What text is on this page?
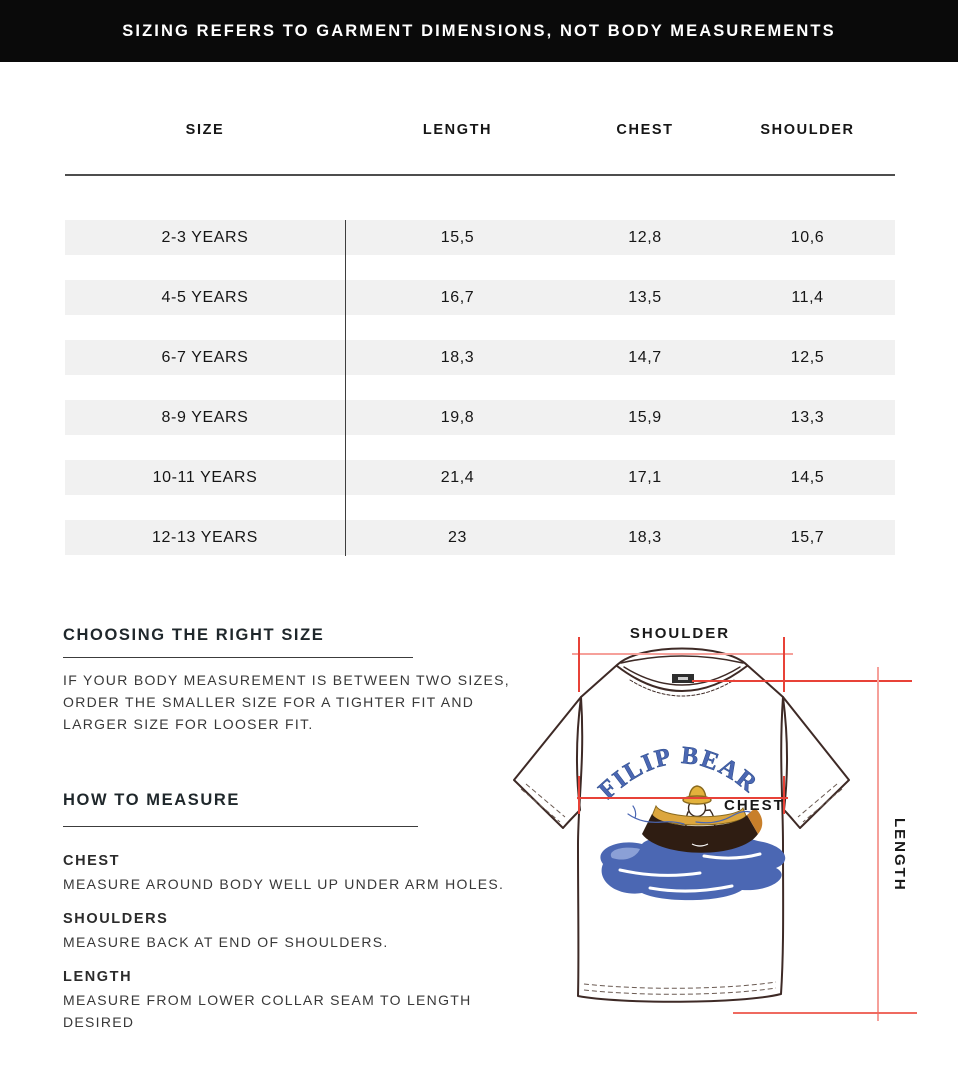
SIZING REFERS TO GARMENT DIMENSIONS, NOT BODY MEASUREMENTS
SIZE	LENGTH	CHEST	SHOULDER
2-3 YEARS	15,5	12,8	10,6
4-5 YEARS	16,7	13,5	11,4
6-7 YEARS	18,3	14,7	12,5
8-9 YEARS	19,8	15,9	13,3
10-11 YEARS	21,4	17,1	14,5
12-13 YEARS	23	18,3	15,7
CHOOSING THE RIGHT SIZE
IF YOUR BODY MEASUREMENT IS BETWEEN TWO SIZES, ORDER THE SMALLER SIZE FOR A TIGHTER FIT AND LARGER SIZE FOR LOOSER FIT.
HOW TO MEASURE
CHEST
MEASURE AROUND BODY WELL UP UNDER ARM HOLES.
SHOULDERS
MEASURE BACK AT END OF SHOULDERS.
LENGTH
MEASURE FROM LOWER COLLAR SEAM TO LENGTH DESIRED
FILIP BEAR
SHOULDER
CHEST
LENGTH
